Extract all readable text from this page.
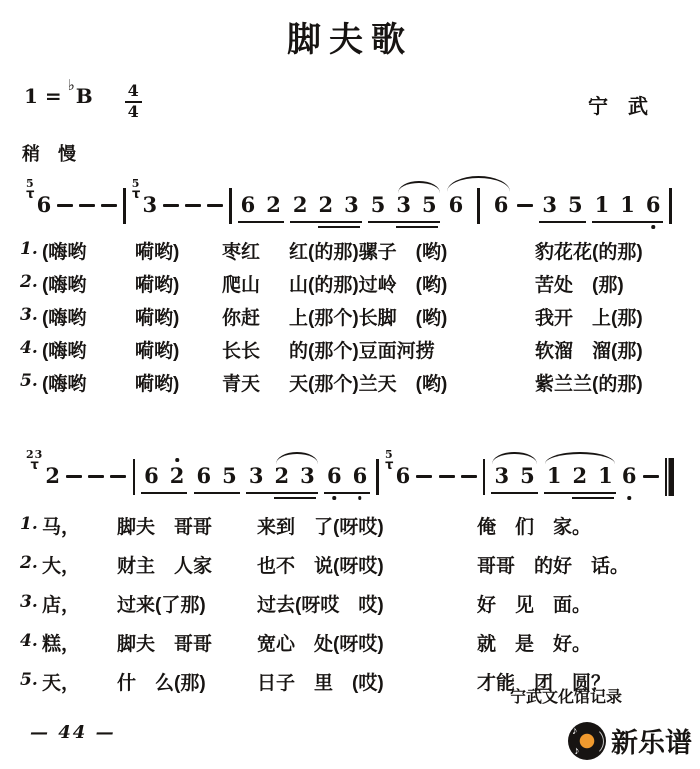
脚夫歌
1 = ♭ B $\frac{4}{4}$	宁　武
稍　慢
5
τ 6
5
τ 3	6 2 2 2 3 5 3 5 6 6 3 5 1 1 6
1. (嗨哟	嗬哟)	枣红	红(的那)骡子　(哟)	豹花花(的那)
2. (嗨哟	嗬哟)	爬山	山(的那)过岭　(哟)	苦处　(那)
3. (嗨哟	嗬哟)	你赶	上(那个)长脚　(哟)	我开　上(那)
4. (嗨哟	嗬哟)	长长	的(那个)豆面河捞	软溜　溜(那)
5. (嗨哟	嗬哟)	青天	天(那个)兰天　(哟)	紫兰兰(的那)
23
τ 2	6 2 6 5 3 2 3 6 6
5
τ 6	3 5 1 2 1 6
1. 马，	脚夫　哥哥	来到　了(呀哎)	俺　们　家。
2. 大，	财主　人家	也不　说(呀哎)	哥哥　的好　话。
3. 店，	过来(了那)	过去(呀哎　哎)	好　见　面。
4. 糕，	脚夫　哥哥	宽心　处(呀哎)	就　是　好。
5. 天，	什　么(那)	日子　里　(哎)	才能　团　圆？
宁武文化馆记录
— 44 —	♪
♪ 新乐谱
